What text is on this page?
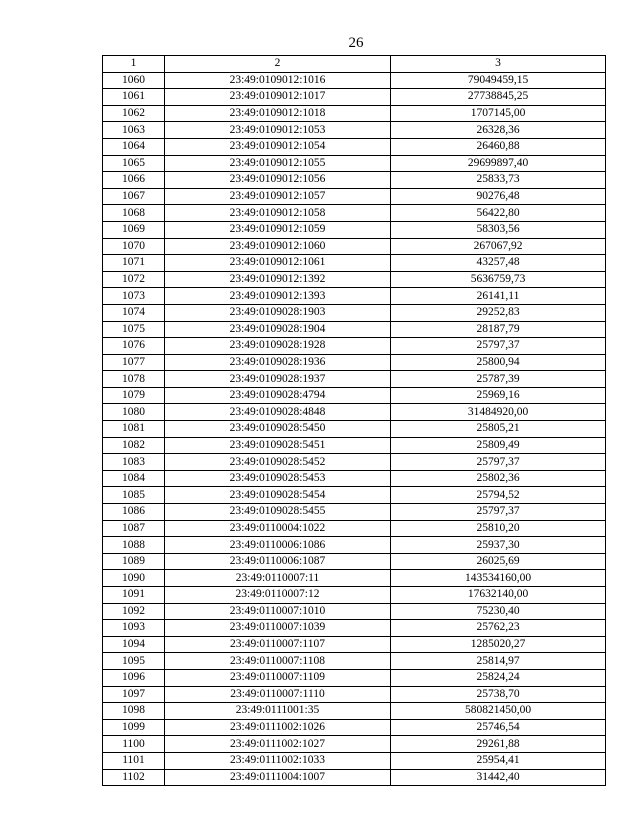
26
1	2	3
1060	23:49:0109012:1016	79049459,15
1061	23:49:0109012:1017	27738845,25
1062	23:49:0109012:1018	1707145,00
1063	23:49:0109012:1053	26328,36
1064	23:49:0109012:1054	26460,88
1065	23:49:0109012:1055	29699897,40
1066	23:49:0109012:1056	25833,73
1067	23:49:0109012:1057	90276,48
1068	23:49:0109012:1058	56422,80
1069	23:49:0109012:1059	58303,56
1070	23:49:0109012:1060	267067,92
1071	23:49:0109012:1061	43257,48
1072	23:49:0109012:1392	5636759,73
1073	23:49:0109012:1393	26141,11
1074	23:49:0109028:1903	29252,83
1075	23:49:0109028:1904	28187,79
1076	23:49:0109028:1928	25797,37
1077	23:49:0109028:1936	25800,94
1078	23:49:0109028:1937	25787,39
1079	23:49:0109028:4794	25969,16
1080	23:49:0109028:4848	31484920,00
1081	23:49:0109028:5450	25805,21
1082	23:49:0109028:5451	25809,49
1083	23:49:0109028:5452	25797,37
1084	23:49:0109028:5453	25802,36
1085	23:49:0109028:5454	25794,52
1086	23:49:0109028:5455	25797,37
1087	23:49:0110004:1022	25810,20
1088	23:49:0110006:1086	25937,30
1089	23:49:0110006:1087	26025,69
1090	23:49:0110007:11	143534160,00
1091	23:49:0110007:12	17632140,00
1092	23:49:0110007:1010	75230,40
1093	23:49:0110007:1039	25762,23
1094	23:49:0110007:1107	1285020,27
1095	23:49:0110007:1108	25814,97
1096	23:49:0110007:1109	25824,24
1097	23:49:0110007:1110	25738,70
1098	23:49:0111001:35	580821450,00
1099	23:49:0111002:1026	25746,54
1100	23:49:0111002:1027	29261,88
1101	23:49:0111002:1033	25954,41
1102	23:49:0111004:1007	31442,40
